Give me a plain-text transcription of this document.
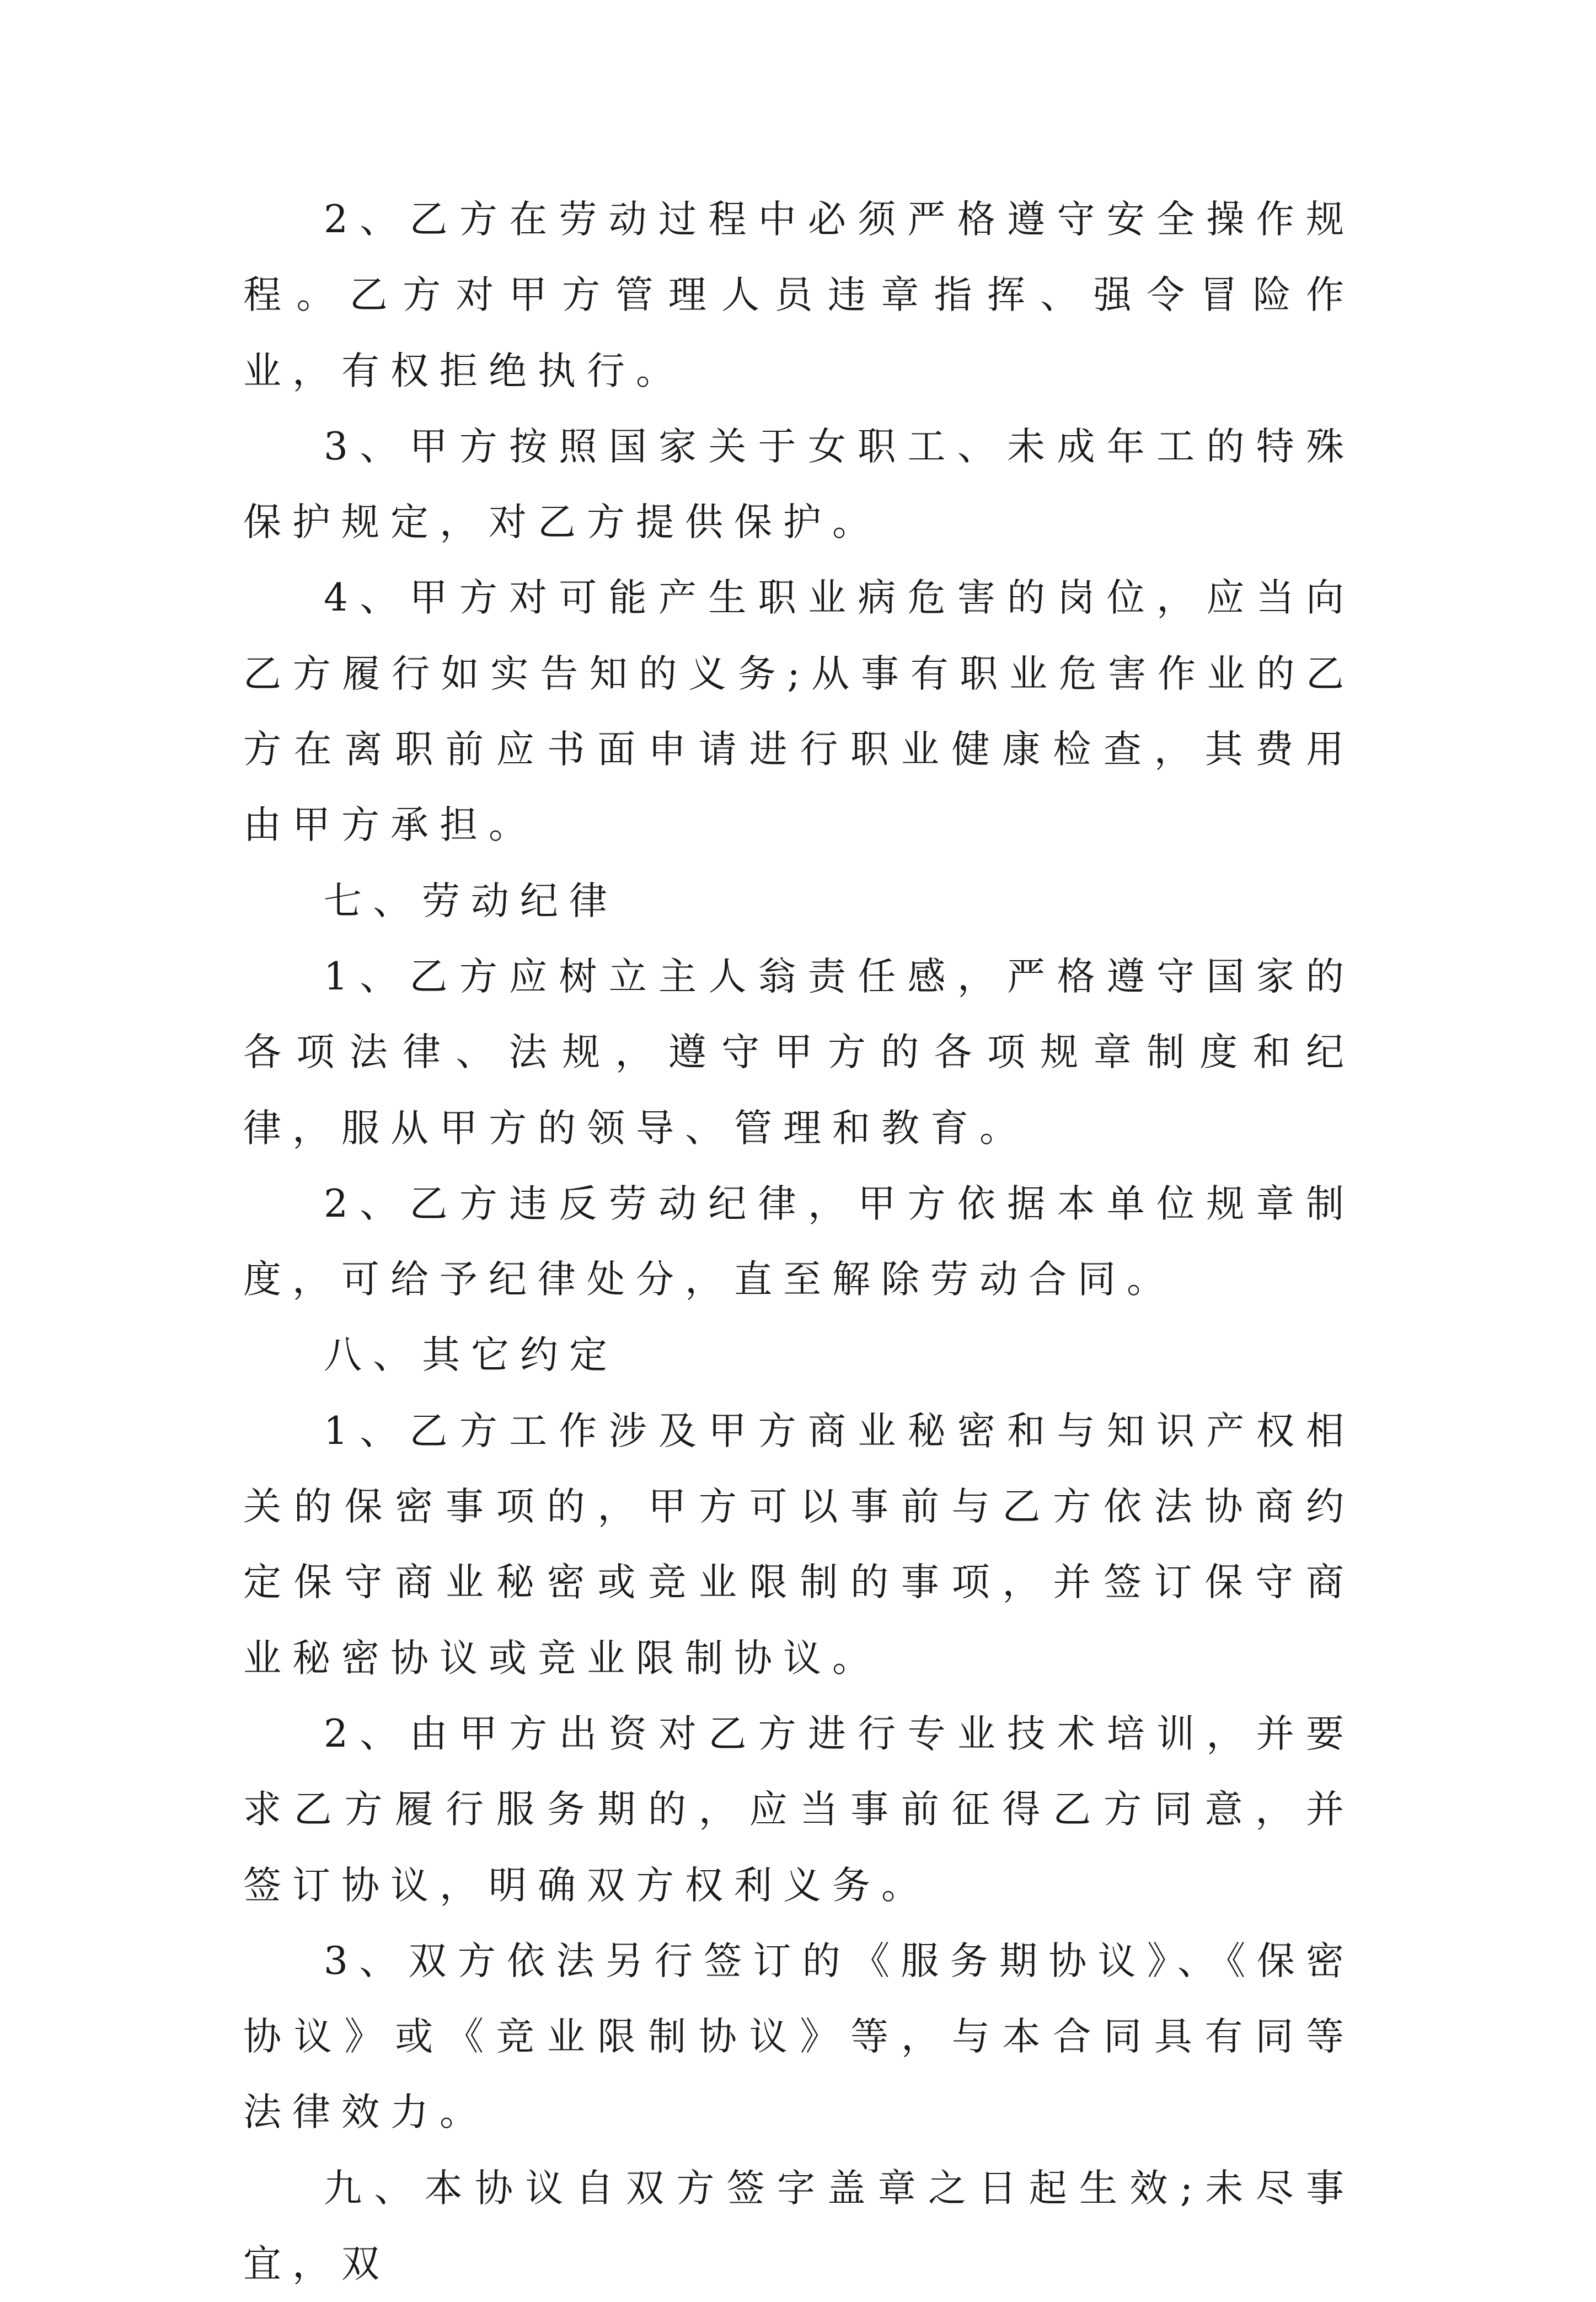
2、乙方在劳动过程中必须严格遵守安全操作规程。乙方对甲方管理人员违章指挥、强令冒险作业，有权拒绝执行。

3、甲方按照国家关于女职工、未成年工的特殊保护规定，对乙方提供保护。

4、甲方对可能产生职业病危害的岗位，应当向乙方履行如实告知的义务;从事有职业危害作业的乙方在离职前应书面申请进行职业健康检查，其费用由甲方承担。

七、劳动纪律

1、乙方应树立主人翁责任感，严格遵守国家的各项法律、法规，遵守甲方的各项规章制度和纪律，服从甲方的领导、管理和教育。

2、乙方违反劳动纪律，甲方依据本单位规章制度，可给予纪律处分，直至解除劳动合同。

八、其它约定

1、乙方工作涉及甲方商业秘密和与知识产权相关的保密事项的，甲方可以事前与乙方依法协商约定保守商业秘密或竞业限制的事项，并签订保守商业秘密协议或竞业限制协议。

2、由甲方出资对乙方进行专业技术培训，并要求乙方履行服务期的，应当事前征得乙方同意，并签订协议，明确双方权利义务。

3、双方依法另行签订的《服务期协议》、《保密协议》或《竞业限制协议》等，与本合同具有同等法律效力。

九、本协议自双方签字盖章之日起生效;未尽事宜，双
